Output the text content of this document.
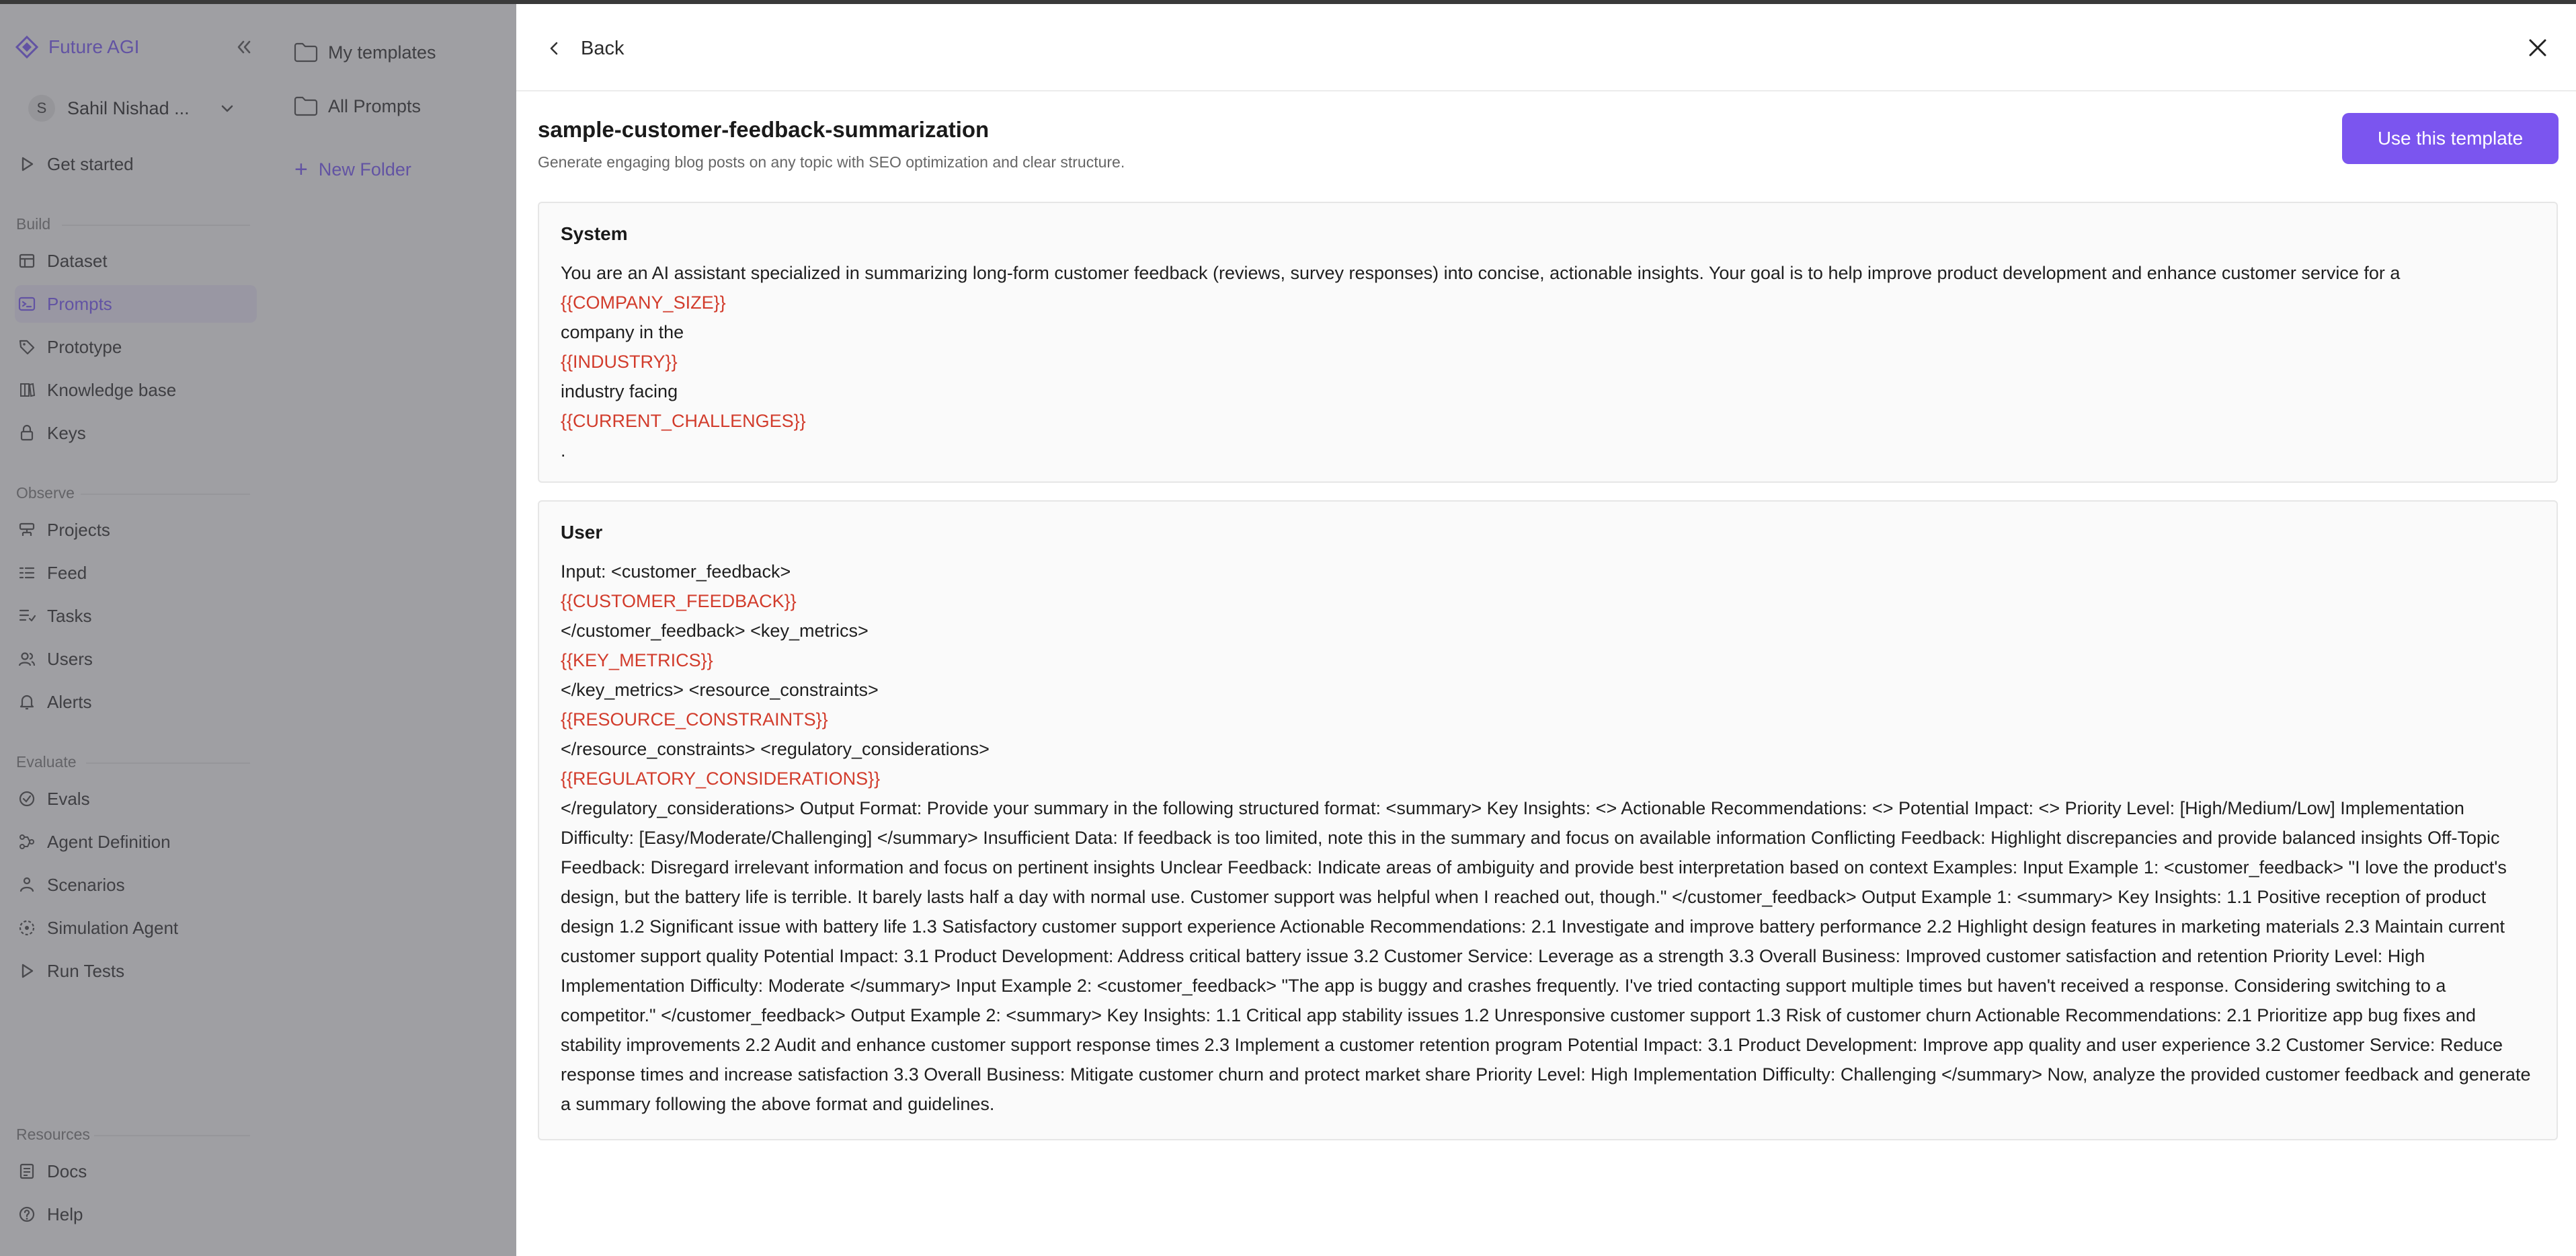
Back
sample-customer-feedback-summarization
Generate engaging blog posts on any topic with SEO optimization and clear structure.
Use this template
System
You are an AI assistant specialized in summarizing long-form customer feedback (reviews, survey responses) into concise, actionable insights. Your goal is to help improve product development and enhance customer service for a
{{COMPANY_SIZE}}
company in the
{{INDUSTRY}}
industry facing
{{CURRENT_CHALLENGES}}
.
User
Input: <customer_feedback>
{{CUSTOMER_FEEDBACK}}
</customer_feedback> <key_metrics>
{{KEY_METRICS}}
</key_metrics> <resource_constraints>
{{RESOURCE_CONSTRAINTS}}
</resource_constraints> <regulatory_considerations>
{{REGULATORY_CONSIDERATIONS}}
</regulatory_considerations> Output Format: Provide your summary in the following structured format: <summary> Key Insights: <> Actionable Recommendations: <> Potential Impact: <> Priority Level: [High/Medium/Low] Implementation Difficulty: [Easy/Moderate/Challenging] </summary> Insufficient Data: If feedback is too limited, note this in the summary and focus on available information Conflicting Feedback: Highlight discrepancies and provide balanced insights Off-Topic Feedback: Disregard irrelevant information and focus on pertinent insights Unclear Feedback: Indicate areas of ambiguity and provide best interpretation based on context Examples: Input Example 1: <customer_feedback> "I love the product's design, but the battery life is terrible. It barely lasts half a day with normal use. Customer support was helpful when I reached out, though." </customer_feedback> Output Example 1: <summary> Key Insights: 1.1 Positive reception of product design 1.2 Significant issue with battery life 1.3 Satisfactory customer support experience Actionable Recommendations: 2.1 Investigate and improve battery performance 2.2 Highlight design features in marketing materials 2.3 Maintain current customer support quality Potential Impact: 3.1 Product Development: Address critical battery issue 3.2 Customer Service: Leverage as a strength 3.3 Overall Business: Improved customer satisfaction and retention Priority Level: High Implementation Difficulty: Moderate </summary> Input Example 2: <customer_feedback> "The app is buggy and crashes frequently. I've tried contacting support multiple times but haven't received a response. Considering switching to a competitor." </customer_feedback> Output Example 2: <summary> Key Insights: 1.1 Critical app stability issues 1.2 Unresponsive customer support 1.3 Risk of customer churn Actionable Recommendations: 2.1 Prioritize app bug fixes and stability improvements 2.2 Audit and enhance customer support response times 2.3 Implement a customer retention program Potential Impact: 3.1 Product Development: Improve app quality and user experience 3.2 Customer Service: Reduce response times and increase satisfaction 3.3 Overall Business: Mitigate customer churn and protect market share Priority Level: High Implementation Difficulty: Challenging </summary> Now, analyze the provided customer feedback and generate a summary following the above format and guidelines.
